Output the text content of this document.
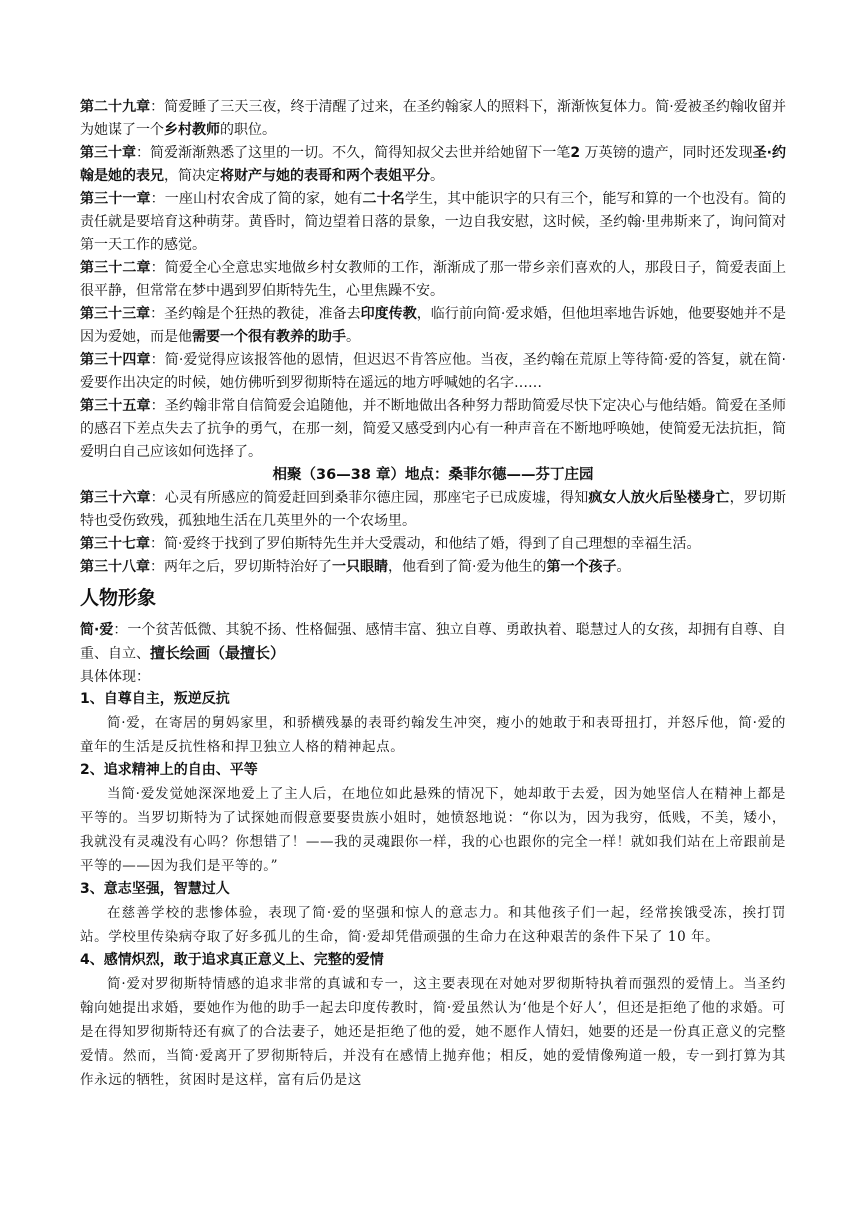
第二十九章：简爱睡了三天三夜，终于清醒了过来，在圣约翰家人的照料下，渐渐恢复体力。简·爱被圣约翰收留并为她谋了一个乡村教师的职位。

第三十章：简爱渐渐熟悉了这里的一切。不久，简得知叔父去世并给她留下一笔2 万英镑的遗产，同时还发现圣·约翰是她的表兄，简决定将财产与她的表哥和两个表姐平分。

第三十一章：一座山村农舍成了简的家，她有二十名学生，其中能识字的只有三个，能写和算的一个也没有。简的责任就是要培育这种萌芽。黄昏时，简边望着日落的景象，一边自我安慰，这时候，圣约翰·里弗斯来了，询问简对第一天工作的感觉。

第三十二章：简爱全心全意忠实地做乡村女教师的工作，渐渐成了那一带乡亲们喜欢的人，那段日子，简爱表面上很平静，但常常在梦中遇到罗伯斯特先生，心里焦躁不安。

第三十三章：圣约翰是个狂热的教徒，准备去印度传教，临行前向简·爱求婚，但他坦率地告诉她，他要娶她并不是因为爱她，而是他需要一个很有教养的助手。

第三十四章：简·爱觉得应该报答他的恩情，但迟迟不肯答应他。当夜，圣约翰在荒原上等待简·爱的答复，就在简·爱要作出决定的时候，她仿佛听到罗彻斯特在遥远的地方呼喊她的名字……

第三十五章：圣约翰非常自信简爱会追随他，并不断地做出各种努力帮助简爱尽快下定决心与他结婚。简爱在圣师的感召下差点失去了抗争的勇气，在那一刻，简爱又感受到内心有一种声音在不断地呼唤她，使简爱无法抗拒，简爱明白自己应该如何选择了。

相聚（36—38 章）地点：桑菲尔德——芬丁庄园

第三十六章：心灵有所感应的简爱赶回到桑菲尔德庄园，那座宅子已成废墟，得知疯女人放火后坠楼身亡，罗切斯特也受伤致残，孤独地生活在几英里外的一个农场里。

第三十七章：简·爱终于找到了罗伯斯特先生并大受震动，和他结了婚，得到了自己理想的幸福生活。

第三十八章：两年之后，罗切斯特治好了一只眼睛，他看到了简·爱为他生的第一个孩子。

人物形象

简·爱：一个贫苦低微、其貌不扬、性格倔强、感情丰富、独立自尊、勇敢执着、聪慧过人的女孩，却拥有自尊、自重、自立、擅长绘画（最擅长）

具体体现：

1、自尊自主，叛逆反抗

简·爱，在寄居的舅妈家里，和骄横残暴的表哥约翰发生冲突，瘦小的她敢于和表哥扭打，并怒斥他，简·爱的童年的生活是反抗性格和捍卫独立人格的精神起点。

2、追求精神上的自由、平等

当简·爱发觉她深深地爱上了主人后，在地位如此悬殊的情况下，她却敢于去爱，因为她坚信人在精神上都是平等的。当罗切斯特为了试探她而假意要娶贵族小姐时，她愤怒地说：“你以为，因为我穷，低贱，不美，矮小，我就没有灵魂没有心吗？你想错了！——我的灵魂跟你一样，我的心也跟你的完全一样！就如我们站在上帝跟前是平等的——因为我们是平等的。”

3、意志坚强，智慧过人

在慈善学校的悲惨体验，表现了简·爱的坚强和惊人的意志力。和其他孩子们一起，经常挨饿受冻，挨打罚站。学校里传染病夺取了好多孤儿的生命，简·爱却凭借顽强的生命力在这种艰苦的条件下呆了 10 年。

4、感情炽烈，敢于追求真正意义上、完整的爱情

简·爱对罗彻斯特情感的追求非常的真诚和专一，这主要表现在对她对罗彻斯特执着而强烈的爱情上。当圣约翰向她提出求婚，要她作为他的助手一起去印度传教时，简·爱虽然认为‘他是个好人’，但还是拒绝了他的求婚。可是在得知罗彻斯特还有疯了的合法妻子，她还是拒绝了他的爱，她不愿作人情妇，她要的还是一份真正意义的完整爱情。然而，当简·爱离开了罗彻斯特后，并没有在感情上抛弃他；相反，她的爱情像殉道一般，专一到打算为其作永远的牺牲，贫困时是这样，富有后仍是这
